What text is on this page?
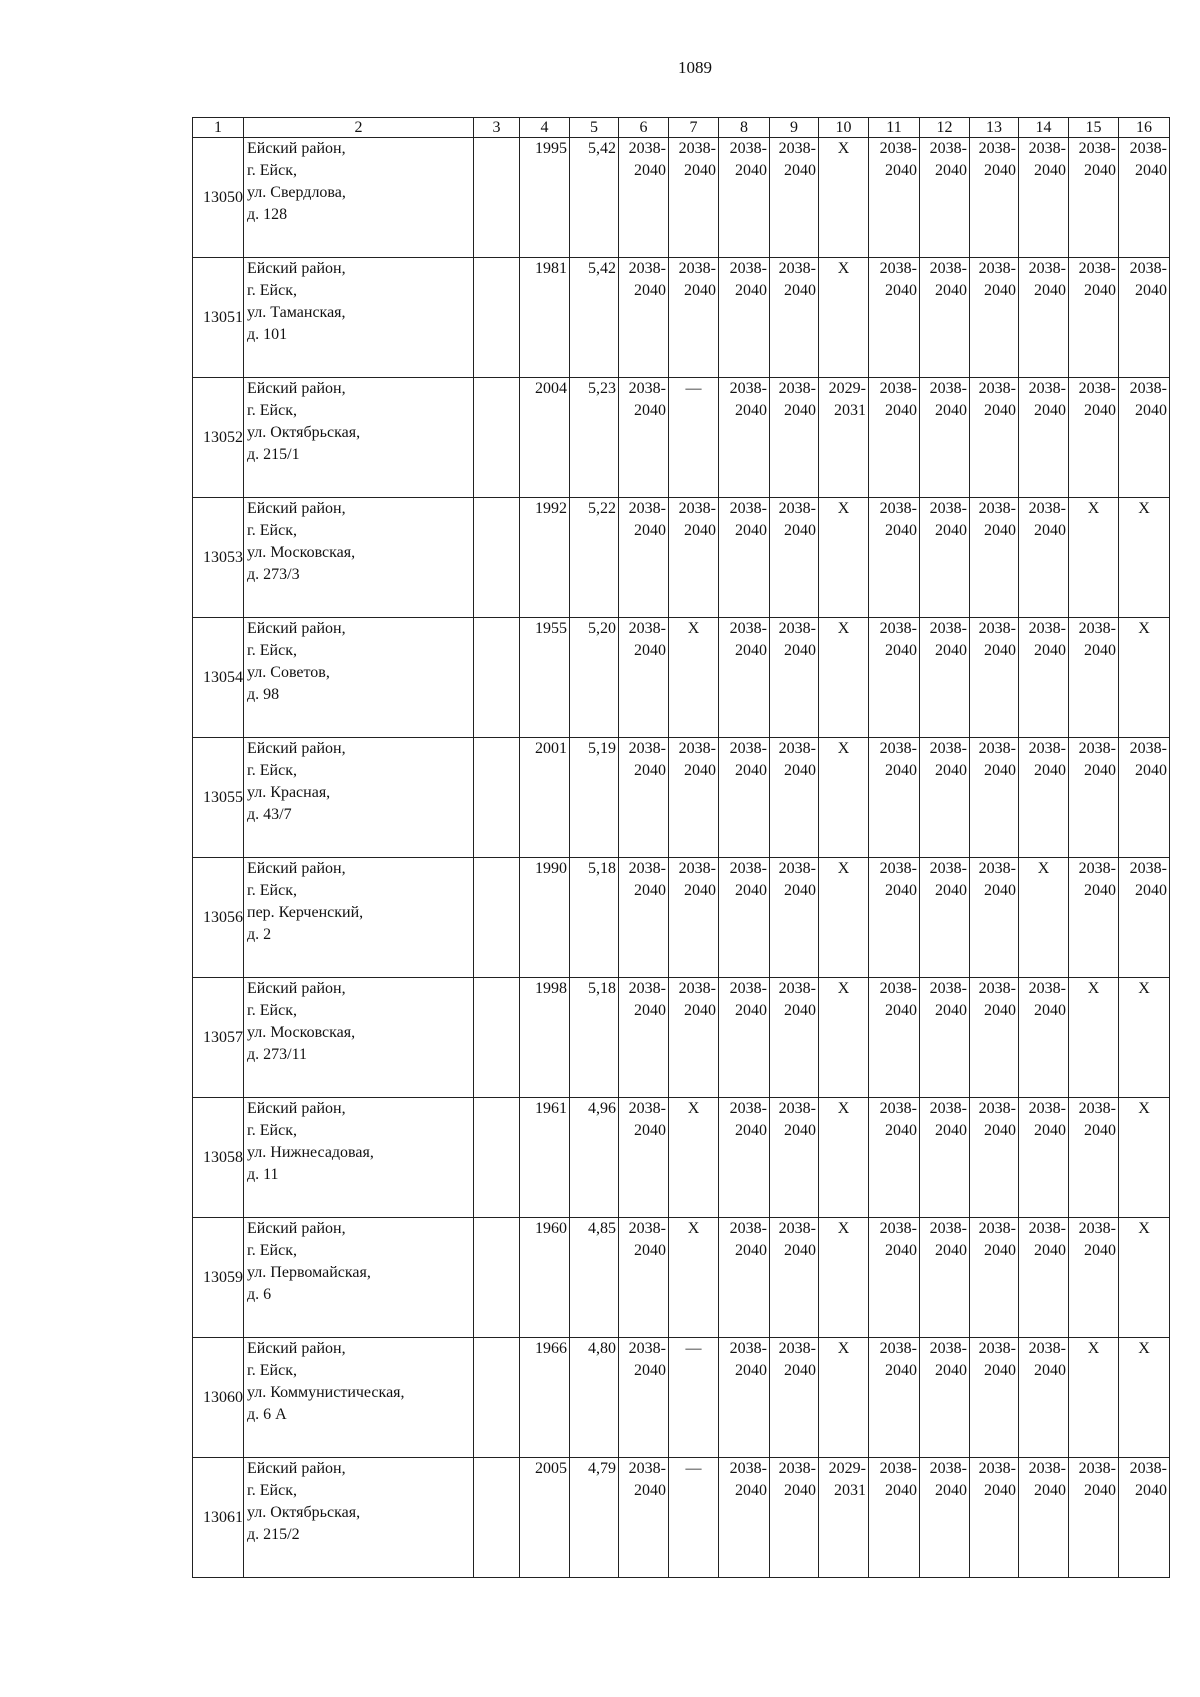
1089
1	2	3	4	5	6	7	8	9	10	11	12	13	14	15	16
13050	Ейский район,
г. Ейск,
ул. Свердлова,
д. 128		1995	5,42	2038-2040	2038-2040	2038-2040	2038-2040	X	2038-2040	2038-2040	2038-2040	2038-2040	2038-2040	2038-2040
13051	Ейский район,
г. Ейск,
ул. Таманская,
д. 101		1981	5,42	2038-2040	2038-2040	2038-2040	2038-2040	X	2038-2040	2038-2040	2038-2040	2038-2040	2038-2040	2038-2040
13052	Ейский район,
г. Ейск,
ул. Октябрьская,
д. 215/1		2004	5,23	2038-2040	—	2038-2040	2038-2040	2029-2031	2038-2040	2038-2040	2038-2040	2038-2040	2038-2040	2038-2040
13053	Ейский район,
г. Ейск,
ул. Московская,
д. 273/3		1992	5,22	2038-2040	2038-2040	2038-2040	2038-2040	X	2038-2040	2038-2040	2038-2040	2038-2040	X	X
13054	Ейский район,
г. Ейск,
ул. Советов,
д. 98		1955	5,20	2038-2040	X	2038-2040	2038-2040	X	2038-2040	2038-2040	2038-2040	2038-2040	2038-2040	X
13055	Ейский район,
г. Ейск,
ул. Красная,
д. 43/7		2001	5,19	2038-2040	2038-2040	2038-2040	2038-2040	X	2038-2040	2038-2040	2038-2040	2038-2040	2038-2040	2038-2040
13056	Ейский район,
г. Ейск,
пер. Керченский,
д. 2		1990	5,18	2038-2040	2038-2040	2038-2040	2038-2040	X	2038-2040	2038-2040	2038-2040	X	2038-2040	2038-2040
13057	Ейский район,
г. Ейск,
ул. Московская,
д. 273/11		1998	5,18	2038-2040	2038-2040	2038-2040	2038-2040	X	2038-2040	2038-2040	2038-2040	2038-2040	X	X
13058	Ейский район,
г. Ейск,
ул. Нижнесадовая,
д. 11		1961	4,96	2038-2040	X	2038-2040	2038-2040	X	2038-2040	2038-2040	2038-2040	2038-2040	2038-2040	X
13059	Ейский район,
г. Ейск,
ул. Первомайская,
д. 6		1960	4,85	2038-2040	X	2038-2040	2038-2040	X	2038-2040	2038-2040	2038-2040	2038-2040	2038-2040	X
13060	Ейский район,
г. Ейск,
ул. Коммунистическая,
д. 6 А		1966	4,80	2038-2040	—	2038-2040	2038-2040	X	2038-2040	2038-2040	2038-2040	2038-2040	X	X
13061	Ейский район,
г. Ейск,
ул. Октябрьская,
д. 215/2		2005	4,79	2038-2040	—	2038-2040	2038-2040	2029-2031	2038-2040	2038-2040	2038-2040	2038-2040	2038-2040	2038-2040
